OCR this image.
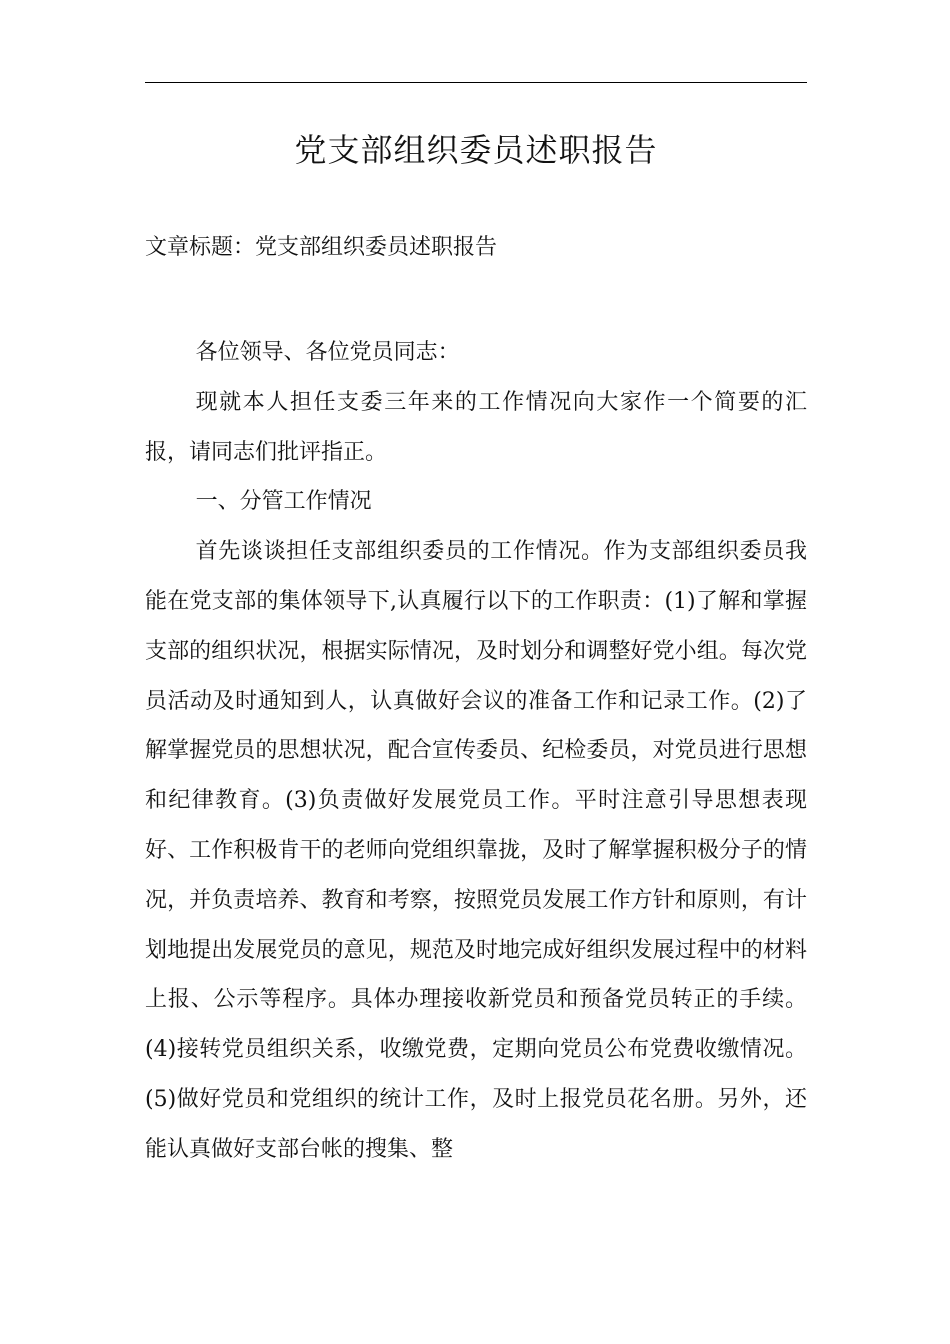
党支部组织委员述职报告

文章标题：党支部组织委员述职报告

各位领导、各位党员同志：

现就本人担任支委三年来的工作情况向大家作一个简要的汇报，请同志们批评指正。

一、分管工作情况

首先谈谈担任支部组织委员的工作情况。作为支部组织委员我能在党支部的集体领导下,认真履行以下的工作职责：(1)了解和掌握支部的组织状况，根据实际情况，及时划分和调整好党小组。每次党员活动及时通知到人，认真做好会议的准备工作和记录工作。(2)了解掌握党员的思想状况，配合宣传委员、纪检委员，对党员进行思想和纪律教育。(3)负责做好发展党员工作。平时注意引导思想表现好、工作积极肯干的老师向党组织靠拢，及时了解掌握积极分子的情况，并负责培养、教育和考察，按照党员发展工作方针和原则，有计划地提出发展党员的意见，规范及时地完成好组织发展过程中的材料上报、公示等程序。具体办理接收新党员和预备党员转正的手续。(4)接转党员组织关系，收缴党费，定期向党员公布党费收缴情况。(5)做好党员和党组织的统计工作，及时上报党员花名册。另外，还能认真做好支部台帐的搜集、整
